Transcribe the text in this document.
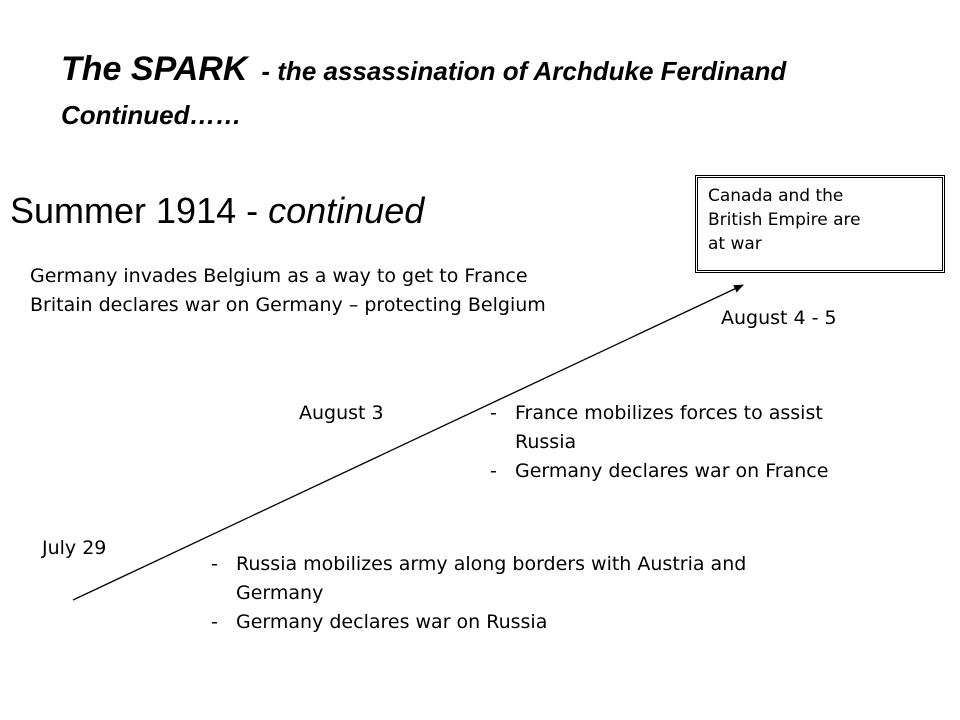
The SPARK - the assassination of Archduke Ferdinand
Continued……
Summer 1914 - continued	Canada and the
British Empire are
at war
Germany invades Belgium as a way to get to France
Britain declares war on Germany – protecting Belgium
August 4 - 5
August 3	- France mobilizes forces to assist
Russia
- Germany declares war on France
July 29
- Russia mobilizes army along borders with Austria and
Germany
- Germany declares war on Russia
